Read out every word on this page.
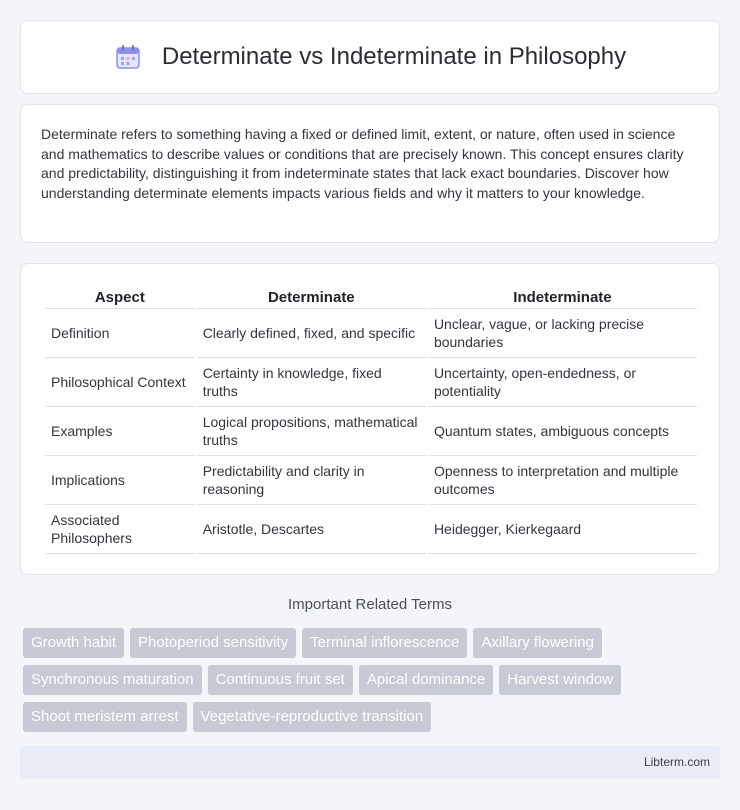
Determinate vs Indeterminate in Philosophy

Determinate refers to something having a fixed or defined limit, extent, or nature, often used in science and mathematics to describe values or conditions that are precisely known. This concept ensures clarity and predictability, distinguishing it from indeterminate states that lack exact boundaries. Discover how understanding determinate elements impacts various fields and why it matters to your knowledge.

Aspect	Determinate	Indeterminate
Definition	Clearly defined, fixed, and specific	Unclear, vague, or lacking precise boundaries
Philosophical Context	Certainty in knowledge, fixed truths	Uncertainty, open-endedness, or potentiality
Examples	Logical propositions, mathematical truths	Quantum states, ambiguous concepts
Implications	Predictability and clarity in reasoning	Openness to interpretation and multiple outcomes
Associated Philosophers	Aristotle, Descartes	Heidegger, Kierkegaard
Important Related Terms
Growth habit	Photoperiod sensitivity	Terminal inflorescence	Axillary flowering
Synchronous maturation	Continuous fruit set	Apical dominance	Harvest window
Shoot meristem arrest	Vegetative-reproductive transition
Libterm.com
